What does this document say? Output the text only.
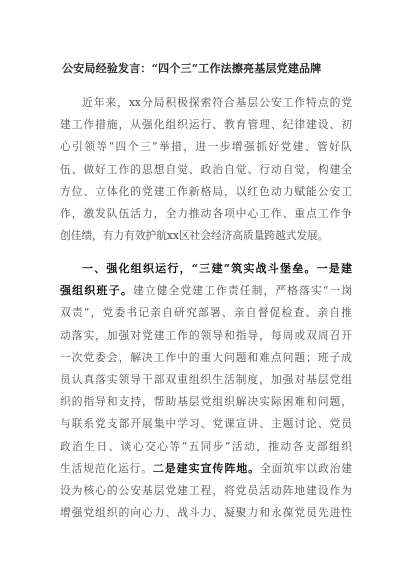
公安局经验发言：“四个三”工作法擦亮基层党建品牌
近年来，xx分局积极探索符合基层公安工作特点的党
建工作措施，从强化组织运行、教育管理、纪律建设、初
心引领等“四个三”举措，进一步增强抓好党建、管好队
伍、做好工作的思想自觉、政治自觉、行动自觉，构建全
方位、立体化的党建工作新格局，以红色动力赋能公安工
作，激发队伍活力，全力推动各项中心工作、重点工作争
创佳绩，有力有效护航xx区社会经济高质量跨越式发展。
一、强化组织运行，“三建”筑实战斗堡垒。一是建
强组织班子。建立健全党建工作责任制，严格落实“一岗
双责”，党委书记亲自研究部署、亲自督促检查、亲自推
动落实，加强对党建工作的领导和指导，每周或双周召开
一次党委会，解决工作中的重大问题和难点问题；班子成
员认真落实领导干部双重组织生活制度，加强对基层党组
织的指导和支持，帮助基层党组织解决实际困难和问题，
与联系党支部开展集中学习、党课宣讲、主题讨论、党员
政治生日、谈心交心等“五同步”活动，推动各支部组织
生活规范化运行。二是建实宣传阵地。全面筑牢以政治建
设为核心的公安基层党建工程，将党员活动阵地建设作为
增强党组织的向心力、战斗力、凝聚力和永葆党员先进性
